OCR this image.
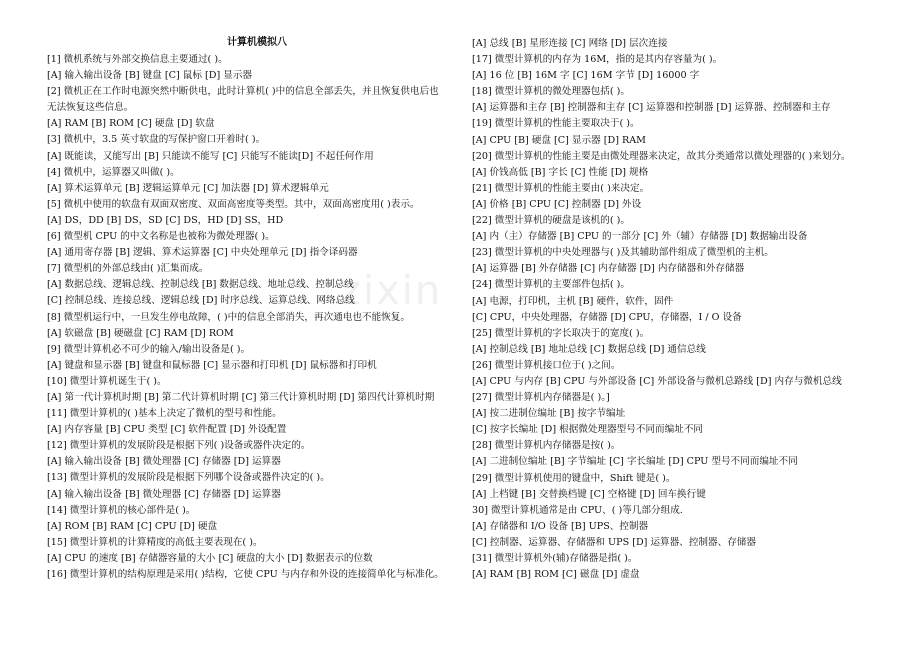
zixin
计算机模拟八
[1] 微机系统与外部交换信息主要通过( )。
[A] 输入输出设备 [B] 键盘 [C] 鼠标 [D] 显示器
[2] 微机正在工作时电源突然中断供电，此时计算机( )中的信息全部丢失，并且恢复供电后也
无法恢复这些信息。
[A] RAM [B] ROM [C] 硬盘 [D] 软盘
[3] 微机中，3.5 英寸软盘的写保护窗口开着时( )。
[A] 既能读，又能写出 [B] 只能读不能写 [C] 只能写不能读[D] 不起任何作用
[4] 微机中，运算器又叫做( )。
[A] 算术运算单元 [B] 逻辑运算单元 [C] 加法器 [D] 算术逻辑单元
[5] 微机中使用的软盘有双面双密度、双面高密度等类型。其中，双面高密度用( )表示。
[A] DS，DD [B] DS，SD [C] DS，HD [D] SS，HD
[6] 微型机 CPU 的中文名称是也被称为微处理器( )。
[A] 通用寄存器 [B] 逻辑、算术运算器 [C] 中央处理单元 [D] 指令译码器
[7] 微型机的外部总线由( )汇集而成。
[A] 数据总线、逻辑总线、控制总线 [B] 数据总线、地址总线、控制总线
[C] 控制总线、连接总线、逻辑总线 [D] 时序总线、运算总线、网络总线
[8] 微型机运行中，一旦发生停电故障，( )中的信息全部消失，再次通电也不能恢复。
[A] 软磁盘 [B] 硬磁盘 [C] RAM [D] ROM
[9] 微型计算机必不可少的输入/输出设备是( )。
[A] 键盘和显示器 [B] 键盘和鼠标器 [C] 显示器和打印机 [D] 鼠标器和打印机
[10] 微型计算机诞生于( )。
[A] 第一代计算机时期 [B] 第二代计算机时期 [C] 第三代计算机时期 [D] 第四代计算机时期
[11] 微型计算机的( )基本上决定了微机的型号和性能。
[A] 内存容量 [B] CPU 类型 [C] 软件配置 [D] 外设配置
[12] 微型计算机的发展阶段是根据下列( )设备或器件决定的。
[A] 输入输出设备 [B] 微处理器 [C] 存储器 [D] 运算器
[13] 微型计算机的发展阶段是根据下列哪个设备或器件决定的( )。
[A] 输入输出设备 [B] 微处理器 [C] 存储器 [D] 运算器
[14] 微型计算机的核心部件是( )。
[A] ROM [B] RAM [C] CPU [D] 硬盘
[15] 微型计算机的计算精度的高低主要表现在( )。
[A] CPU 的速度 [B] 存储器容量的大小 [C] 硬盘的大小 [D] 数据表示的位数
[16] 微型计算机的结构原理是采用( )结构，它使 CPU 与内存和外设的连接简单化与标准化。
[A] 总线 [B] 星形连接 [C] 网络 [D] 层次连接
[17] 微型计算机的内存为 16M，指的是其内存容量为( )。
[A] 16 位 [B] 16M 字 [C] 16M 字节 [D] 16000 字
[18] 微型计算机的微处理器包括( )。
[A] 运算器和主存 [B] 控制器和主存 [C] 运算器和控制器 [D] 运算器、控制器和主存
[19] 微型计算机的性能主要取决于( )。
[A] CPU [B] 硬盘 [C] 显示器 [D] RAM
[20] 微型计算机的性能主要是由微处理器来决定，故其分类通常以微处理器的( )来划分。
[A] 价钱高低 [B] 字长 [C] 性能 [D] 规格
[21] 微型计算机的性能主要由( )来决定。
[A] 价格 [B] CPU [C] 控制器 [D] 外设
[22] 微型计算机的硬盘是该机的( )。
[A] 内（主）存储器 [B] CPU 的一部分 [C] 外（辅）存储器 [D] 数据输出设备
[23] 微型计算机的中央处理器与( )及其辅助部件组成了微型机的主机。
[A] 运算器 [B] 外存储器 [C] 内存储器 [D] 内存储器和外存储器
[24] 微型计算机的主要部件包括( )。
[A] 电源，打印机，主机 [B] 硬件，软件，固件
[C] CPU，中央处理器，存储器 [D] CPU，存储器，I / O 设备
[25] 微型计算机的字长取决于的宽度( )。
[A] 控制总线 [B] 地址总线 [C] 数据总线 [D] 通信总线
[26] 微型计算机接口位于( )之间。
[A] CPU 与内存 [B] CPU 与外部设备 [C] 外部设备与微机总路线 [D] 内存与微机总线
[27] 微型计算机内存储器是( )。]
[A] 按二进制位编址 [B] 按字节编址
[C] 按字长编址 [D] 根据微处理器型号不同而编址不同
[28] 微型计算机内存储器是按( )。
[A] 二进制位编址 [B] 字节编址 [C] 字长编址 [D] CPU 型号不同而编址不同
[29] 微型计算机使用的键盘中，Shift 键是( )。
[A] 上档键 [B] 交替换档键 [C] 空格键 [D] 回车换行键
30] 微型计算机通常是由 CPU、( )等几部分组成.
[A] 存储器和 I/O 设备 [B] UPS、控制器
[C] 控制器、运算器、存储器和 UPS [D] 运算器、控制器、存储器
[31] 微型计算机外(辅)存储器是指( )。
[A] RAM [B] ROM [C] 磁盘 [D] 虚盘
